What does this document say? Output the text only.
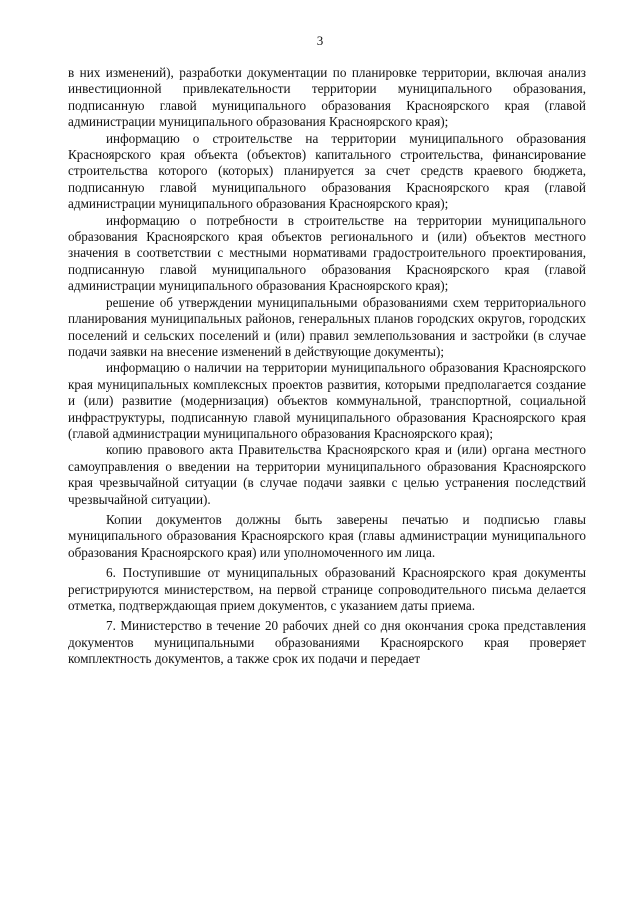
3

в них изменений), разработки документации по планировке территории, включая анализ инвестиционной привлекательности территории муниципального образования, подписанную главой муниципального образования Красноярского края (главой администрации муниципального образования Красноярского края);

информацию о строительстве на территории муниципального образования Красноярского края объекта (объектов) капитального строительства, финансирование строительства которого (которых) планируется за счет средств краевого бюджета, подписанную главой муниципального образования Красноярского края (главой администрации муниципального образования Красноярского края);

информацию о потребности в строительстве на территории муниципального образования Красноярского края объектов регионального и (или) объектов местного значения в соответствии с местными нормативами градостроительного проектирования, подписанную главой муниципального образования Красноярского края (главой администрации муниципального образования Красноярского края);

решение об утверждении муниципальными образованиями схем территориального планирования муниципальных районов, генеральных планов городских округов, городских поселений и сельских поселений и (или) правил землепользования и застройки (в случае подачи заявки на внесение изменений в действующие документы);

информацию о наличии на территории муниципального образования Красноярского края муниципальных комплексных проектов развития, которыми предполагается создание и (или) развитие (модернизация) объектов коммунальной, транспортной, социальной инфраструктуры, подписанную главой муниципального образования Красноярского края (главой администрации муниципального образования Красноярского края);

копию правового акта Правительства Красноярского края и (или) органа местного самоуправления о введении на территории муниципального образования Красноярского края чрезвычайной ситуации (в случае подачи заявки с целью устранения последствий чрезвычайной ситуации).

Копии документов должны быть заверены печатью и подписью главы муниципального образования Красноярского края (главы администрации муниципального образования Красноярского края) или уполномоченного им лица.

6. Поступившие от муниципальных образований Красноярского края документы регистрируются министерством, на первой странице сопроводительного письма делается отметка, подтверждающая прием документов, с указанием даты приема.

7. Министерство в течение 20 рабочих дней со дня окончания срока представления документов муниципальными образованиями Красноярского края проверяет комплектность документов, а также срок их подачи и передает
